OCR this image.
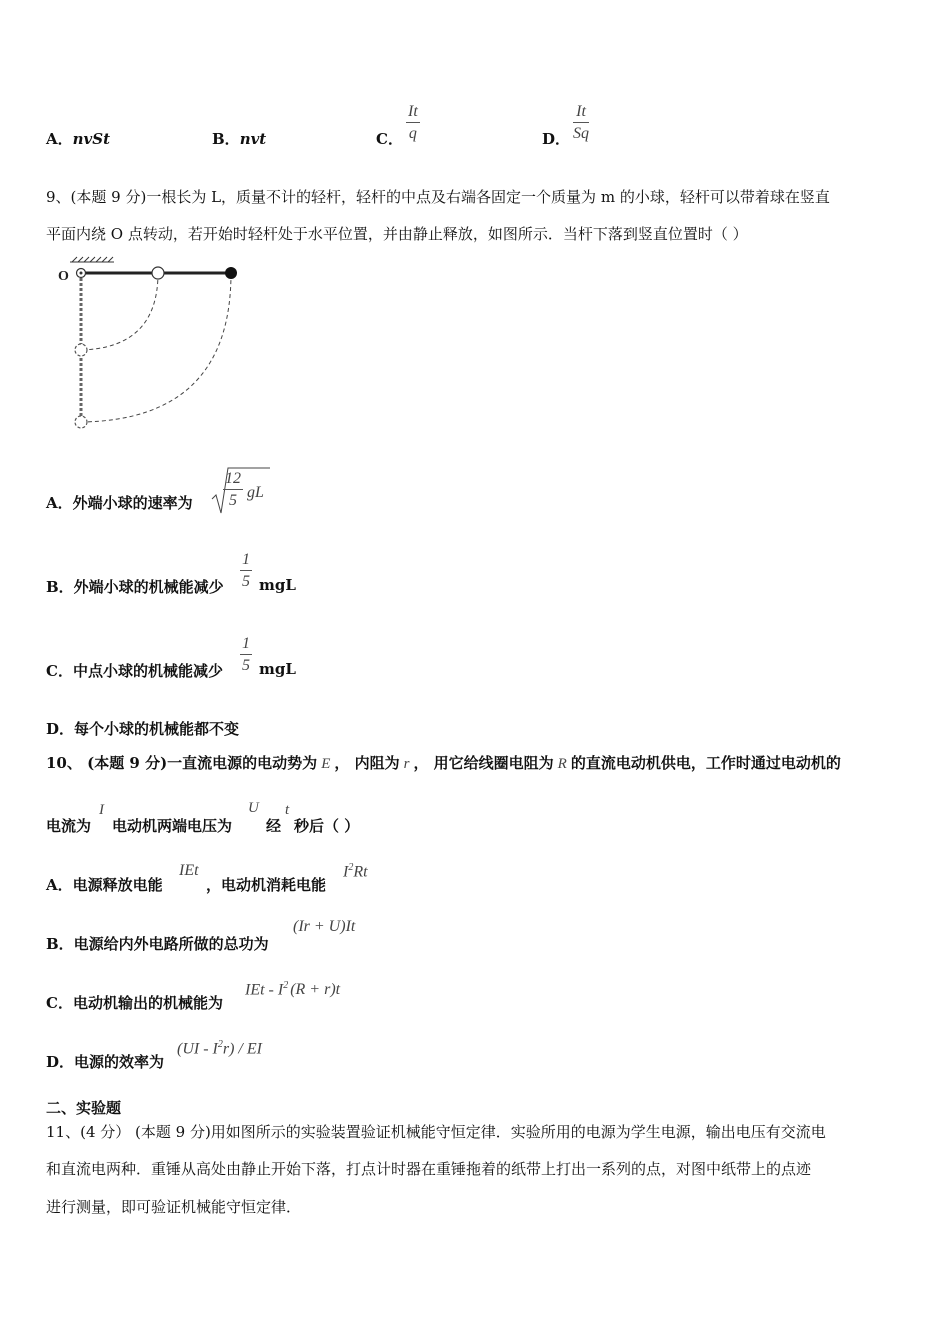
A．nvSt	B．nvt	C． $\frac{It}{q}$	D． $\frac{It}{Sq}$
9、(本题 9 分)一根长为 L，质量不计的轻杆，轻杆的中点及右端各固定一个质量为 m 的小球，轻杆可以带着球在竖直
平面内绕 O 点转动，若开始时轻杆处于水平位置，并由静止释放，如图所示．当杆下落到竖直位置时（ ）
O
A．外端小球的速率为 $\frac{12}{5}$ gL
B．外端小球的机械能减少 $\frac{1}{5}$ mgL
C．中点小球的机械能减少 $\frac{1}{5}$ mgL
D．每个小球的机械能都不变
10、 (本题 9 分)一直流电源的电动势为 E ， 内阻为 r ， 用它给线圈电阻为 R 的直流电动机供电，工作时通过电动机的
电流为
I
电动机两端电压为
U
经
t
秒后（ ）
A．电源释放电能
IEt
，电动机消耗电能
$I^2Rt$
B．电源给内外电路所做的总功为
(Ir + U)It
C．电动机输出的机械能为
IEt - $I^2$ (R + r)t
D．电源的效率为
$(UI - I^2r)$ / EI
二、实验题
11、(4 分） (本题 9 分)用如图所示的实验装置验证机械能守恒定律．实验所用的电源为学生电源，输出电压有交流电
和直流电两种．重锤从高处由静止开始下落，打点计时器在重锤拖着的纸带上打出一系列的点，对图中纸带上的点迹
进行测量，即可验证机械能守恒定律．
